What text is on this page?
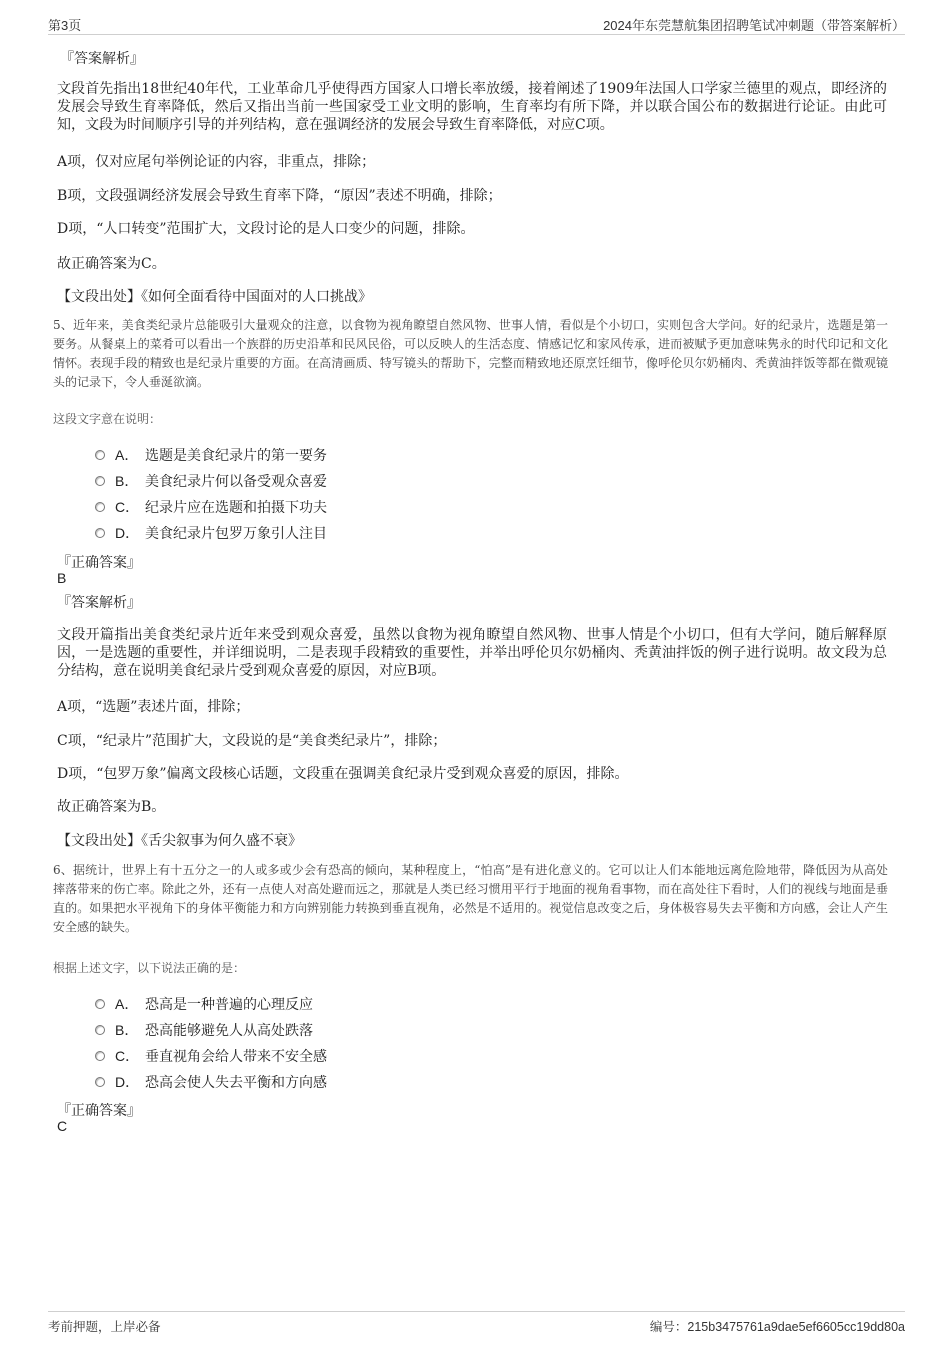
第3页	2024年东莞慧航集团招聘笔试冲刺题（带答案解析）
『答案解析』
文段首先指出18世纪40年代，工业革命几乎使得西方国家人口增长率放缓，接着阐述了1909年法国人口学家兰德里的观点，即经济的发展会导致生育率降低，然后又指出当前一些国家受工业文明的影响，生育率均有所下降，并以联合国公布的数据进行论证。由此可知，文段为时间顺序引导的并列结构，意在强调经济的发展会导致生育率降低，对应C项。
A项，仅对应尾句举例论证的内容，非重点，排除；
B项，文段强调经济发展会导致生育率下降，“原因”表述不明确，排除；
D项，“人口转变”范围扩大，文段讨论的是人口变少的问题，排除。
故正确答案为C。
【文段出处】《如何全面看待中国面对的人口挑战》
5、近年来，美食类纪录片总能吸引大量观众的注意，以食物为视角瞭望自然风物、世事人情，看似是个小切口，实则包含大学问。好的纪录片，选题是第一要务。从餐桌上的菜肴可以看出一个族群的历史沿革和民风民俗，可以反映人的生活态度、情感记忆和家风传承，进而被赋予更加意味隽永的时代印记和文化情怀。表现手段的精致也是纪录片重要的方面。在高清画质、特写镜头的帮助下，完整而精致地还原烹饪细节，像呼伦贝尔奶桶肉、秃黄油拌饭等都在微观镜头的记录下，令人垂涎欲滴。
这段文字意在说明：
A． 选题是美食纪录片的第一要务
B． 美食纪录片何以备受观众喜爱
C． 纪录片应在选题和拍摄下功夫
D． 美食纪录片包罗万象引人注目
『正确答案』
B
『答案解析』
文段开篇指出美食类纪录片近年来受到观众喜爱，虽然以食物为视角瞭望自然风物、世事人情是个小切口，但有大学问，随后解释原因，一是选题的重要性，并详细说明，二是表现手段精致的重要性，并举出呼伦贝尔奶桶肉、秃黄油拌饭的例子进行说明。故文段为总分结构，意在说明美食纪录片受到观众喜爱的原因，对应B项。
A项，“选题”表述片面，排除；
C项，“纪录片”范围扩大，文段说的是“美食类纪录片”，排除；
D项，“包罗万象”偏离文段核心话题，文段重在强调美食纪录片受到观众喜爱的原因，排除。
故正确答案为B。
【文段出处】《舌尖叙事为何久盛不衰》
6、据统计，世界上有十五分之一的人或多或少会有恐高的倾向，某种程度上，“怕高”是有进化意义的。它可以让人们本能地远离危险地带，降低因为从高处摔落带来的伤亡率。除此之外，还有一点使人对高处避而远之，那就是人类已经习惯用平行于地面的视角看事物，而在高处往下看时，人们的视线与地面是垂直的。如果把水平视角下的身体平衡能力和方向辨别能力转换到垂直视角，必然是不适用的。视觉信息改变之后，身体极容易失去平衡和方向感，会让人产生安全感的缺失。
根据上述文字，以下说法正确的是：
A． 恐高是一种普遍的心理反应
B． 恐高能够避免人从高处跌落
C． 垂直视角会给人带来不安全感
D． 恐高会使人失去平衡和方向感
『正确答案』
C
考前押题，上岸必备	编号：215b3475761a9dae5ef6605cc19dd80a
